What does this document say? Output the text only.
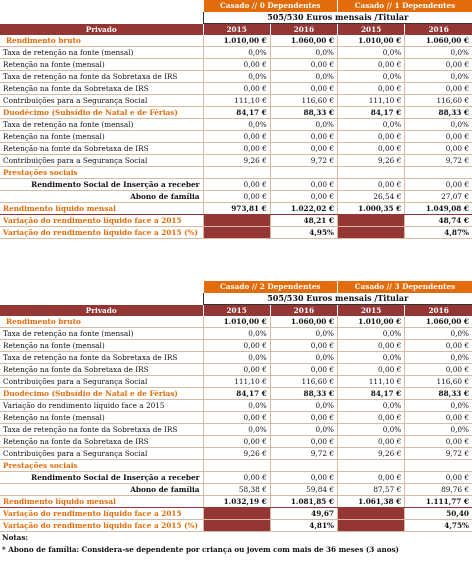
	Casado // 0 Dependentes		Casado // 1 Dependentes	
	505/530 Euros mensais /Titular			
Privado	2015	2016	2015	2016
Rendimento bruto	1.010,00 €	1.060,00 €	1.010,00 €	1.060,00 €
Taxa de retenção na fonte (mensal)	0,0%	0,0%	0,0%	0,0%
Retenção na fonte (mensal)	0,00 €	0,00 €	0,00 €	0,00 €
Taxa de retenção na fonte da Sobretaxa de IRS	0,0%	0,0%	0,0%	0,0%
Retenção na fonte da Sobretaxa de IRS	0,00 €	0,00 €	0,00 €	0,00 €
Contribuições para a Segurança Social	111,10 €	116,60 €	111,10 €	116,60 €
Duodécimo (Subsídio de Natal e de Férias)	84,17 €	88,33 €	84,17 €	88,33 €
Taxa de retenção na fonte (mensal)	0,0%	0,0%	0,0%	0,0%
Retenção na fonte (mensal)	0,00 €	0,00 €	0,00 €	0,00 €
Retenção na fonte da Sobretaxa de IRS	0,00 €	0,00 €	0,00 €	0,00 €
Contribuições para a Segurança Social	9,26 €	9,72 €	9,26 €	9,72 €
Prestações sociais				
Rendimento Social de Inserção a receber	0,00 €	0,00 €	0,00 €	0,00 €
Abono de família	0,00 €	0,00 €	26,54 €	27,07 €
Rendimento líquido mensal	973,81 €	1.022,02 €	1.000,35 €	1.049,08 €
Variação do rendimento líquido face a 2015		48,21 €		48,74 €
Variação do rendimento líquido face a 2015 (%)		4,95%		4,87%
	Casado // 2 Dependentes		Casado // 3 Dependentes	
	505/530 Euros mensais /Titular			
Privado	2015	2016	2015	2016
Rendimento bruto	1.010,00 €	1.060,00 €	1.010,00 €	1.060,00 €
Taxa de retenção na fonte (mensal)	0,0%	0,0%	0,0%	0,0%
Retenção na fonte (mensal)	0,00 €	0,00 €	0,00 €	0,00 €
Taxa de retenção na fonte da Sobretaxa de IRS	0,0%	0,0%	0,0%	0,0%
Retenção na fonte da Sobretaxa de IRS	0,00 €	0,00 €	0,00 €	0,00 €
Contribuições para a Segurança Social	111,10 €	116,60 €	111,10 €	116,60 €
Duodécimo (Subsídio de Natal e de Férias)	84,17 €	88,33 €	84,17 €	88,33 €
Variação do rendimento líquido face a 2015	0,0%	0,0%	0,0%	0,0%
Retenção na fonte (mensal)	0,00 €	0,00 €	0,00 €	0,00 €
Taxa de retenção na fonte da Sobretaxa de IRS	0,0%	0,0%	0,0%	0,0%
Retenção na fonte da Sobretaxa de IRS	0,00 €	0,00 €	0,00 €	0,00 €
Contribuições para a Segurança Social	9,26 €	9,72 €	9,26 €	9,72 €
Prestações sociais				
Rendimento Social de Inserção a receber	0,00 €	0,00 €	0,00 €	0,00 €
Abono de família	58,38 €	59,84 €	87,57 €	89,76 €
Rendimento líquido mensal	1.032,19 €	1.081,85 €	1.061,38 €	1.111,77 €
Variação do rendimento líquido face a 2015		49,67		50,40
Variação do rendimento líquido face a 2015 (%)		4,81%		4,75%
Notas:
* Abono de família: Considera-se dependente por criança ou jovem com mais de 36 meses (3 anos)
